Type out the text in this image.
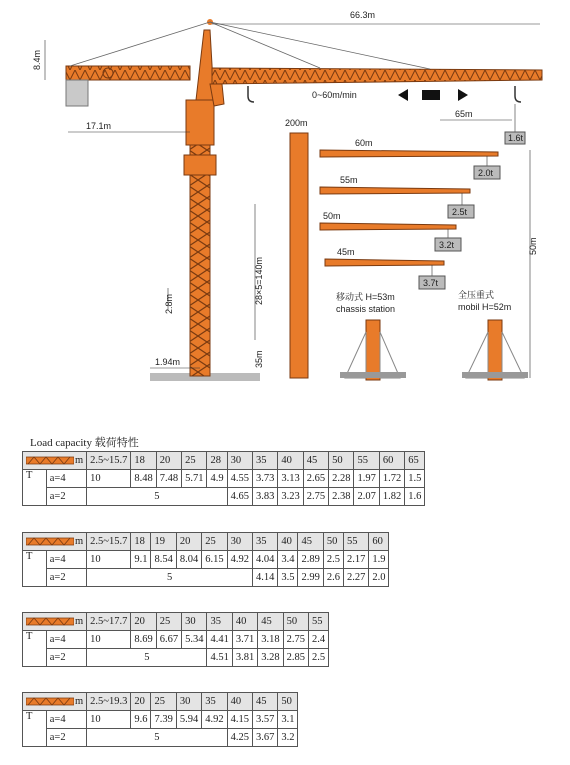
66.3m
8.4m
17.1m
0~60m/min
65m
1.6t
200m
28×5=140m
35m
2.8m
1.94m
60m
2.0t
55m
2.5t
50m
3.2t
45m
3.7t
50m
移动式 H=53m
chassis station
全压重式
mobil H=52m
Load capacity 载荷特性
m		2.5~15.7	18	20	25	28	30	35	40	45	50	55	60	65
T	a=4	10	8.48	7.48	5.71	4.9	4.55	3.73	3.13	2.65	2.28	1.97	1.72	1.5
	a=2	5					4.65	3.83	3.23	2.75	2.38	2.07	1.82	1.6
m		2.5~15.7	18	19	20	25	30	35	40	45	50	55	60
T	a=4	10	9.1	8.54	8.04	6.15	4.92	4.04	3.4	2.89	2.5	2.17	1.9
	a=2	5						4.14	3.5	2.99	2.6	2.27	2.0
m		2.5~17.7	20	25	30	35	40	45	50	55
T	a=4	10	8.69	6.67	5.34	4.41	3.71	3.18	2.75	2.4
	a=2	5				4.51	3.81	3.28	2.85	2.5
m		2.5~19.3	20	25	30	35	40	45	50
T	a=4	10	9.6	7.39	5.94	4.92	4.15	3.57	3.1
	a=2	5					4.25	3.67	3.2
